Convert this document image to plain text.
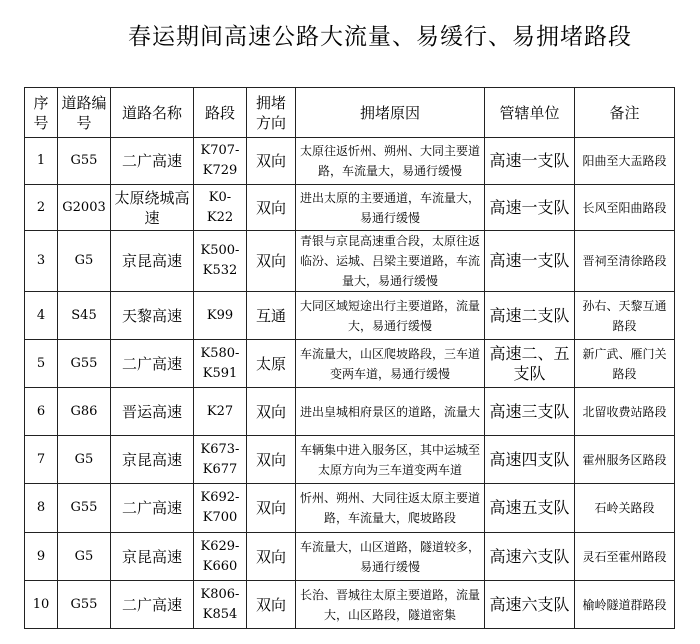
春运期间高速公路大流量、易缓行、易拥堵路段
序号	道路编号	道路名称	路段	拥堵方向	拥堵原因	管辖单位	备注
1	G55	二广高速	K707-K729	双向	太原往返忻州、朔州、大同主要道路，车流量大，易通行缓慢	高速一支队	阳曲至大盂路段
2	G2003	太原绕城高速	K0-K22	双向	进出太原的主要通道，车流量大，易通行缓慢	高速一支队	长风至阳曲路段
3	G5	京昆高速	K500-K532	双向	青银与京昆高速重合段，太原往返临汾、运城、吕梁主要道路，车流量大，易通行缓慢	高速一支队	晋祠至清徐路段
4	S45	天黎高速	K99	互通	大同区域短途出行主要道路，流量大，易通行缓慢	高速二支队	孙右、天黎互通路段
5	G55	二广高速	K580-K591	太原	车流量大，山区爬坡路段，三车道变两车道，易通行缓慢	高速二、五支队	新广武、雁门关路段
6	G86	晋运高速	K27	双向	进出皇城相府景区的道路，流量大	高速三支队	北留收费站路段
7	G5	京昆高速	K673-K677	双向	车辆集中进入服务区，其中运城至太原方向为三车道变两车道	高速四支队	霍州服务区路段
8	G55	二广高速	K692-K700	双向	忻州、朔州、大同往返太原主要道路，车流量大，爬坡路段	高速五支队	石岭关路段
9	G5	京昆高速	K629-K660	双向	车流量大，山区道路，隧道较多，易通行缓慢	高速六支队	灵石至霍州路段
10	G55	二广高速	K806-K854	双向	长治、晋城往太原主要道路，流量大，山区路段，隧道密集	高速六支队	榆岭隧道群路段
